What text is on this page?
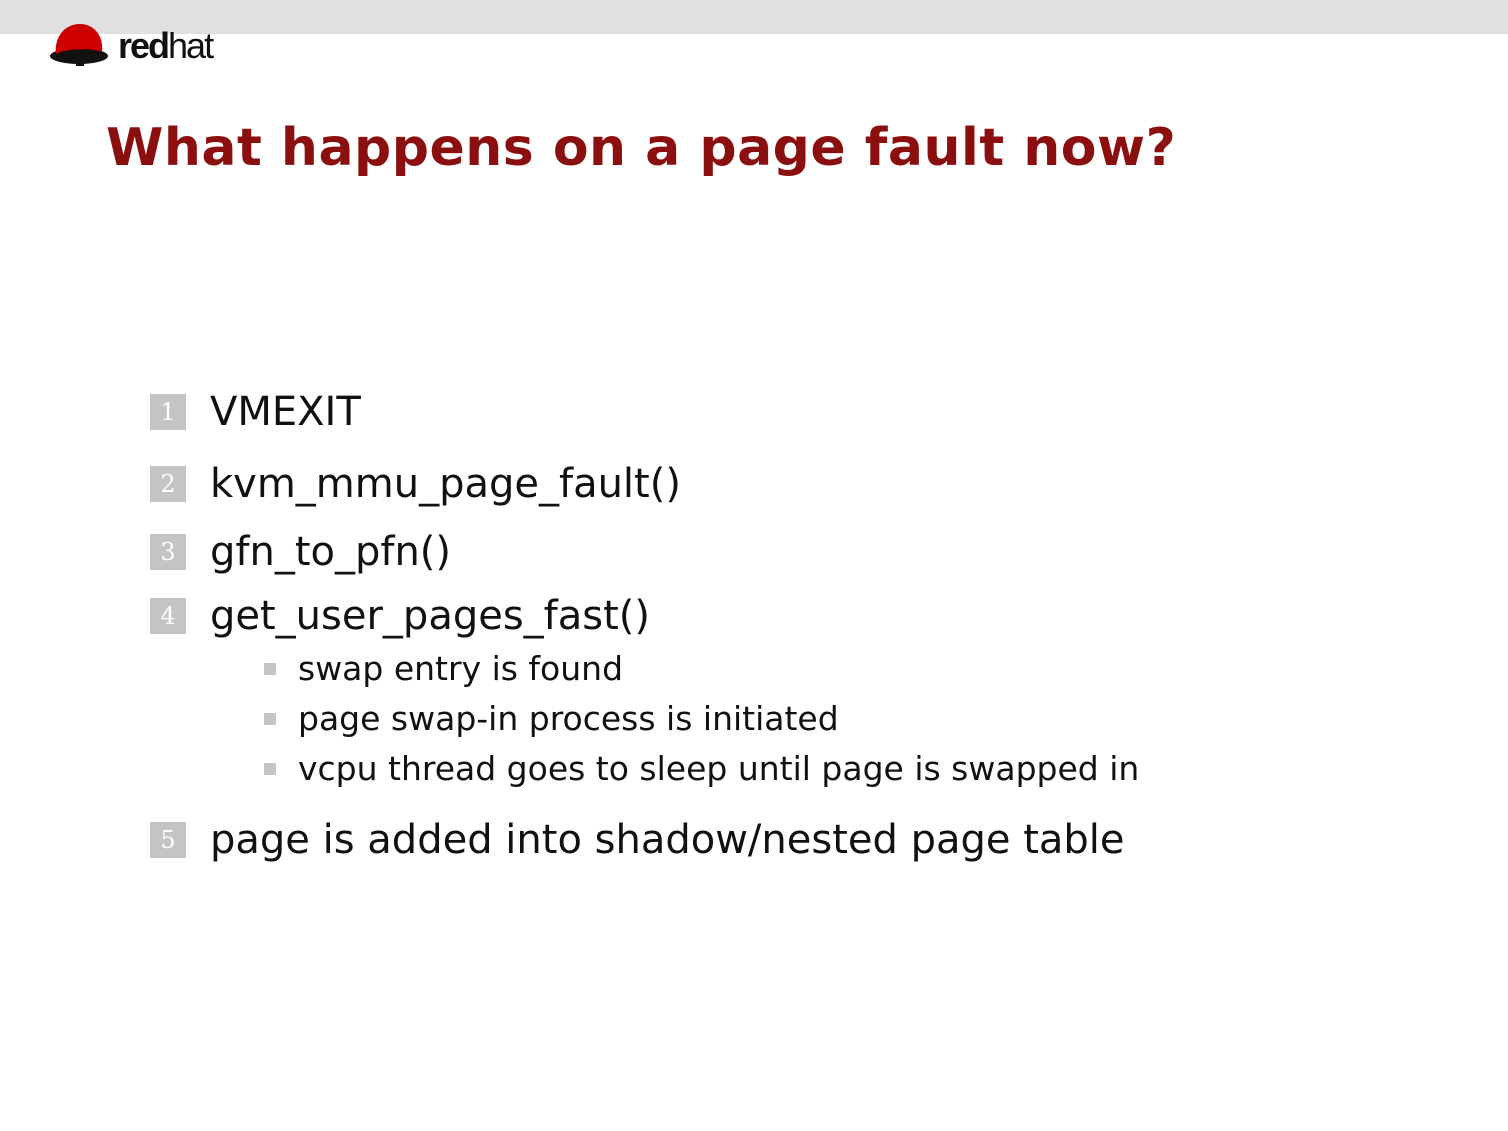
redhat
What happens on a page fault now?
1 VMEXIT
2 kvm_mmu_page_fault()
3 gfn_to_pfn()
4 get_user_pages_fast()
swap entry is found
page swap-in process is initiated
vcpu thread goes to sleep until page is swapped in
5 page is added into shadow/nested page table
